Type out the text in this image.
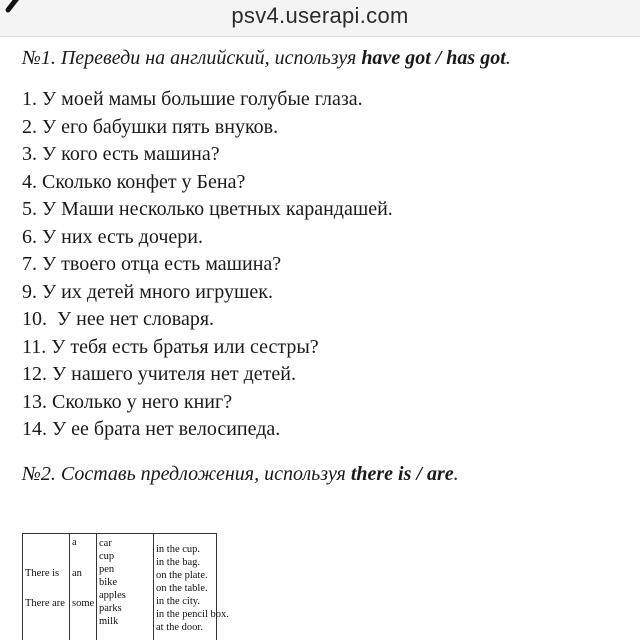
psv4.userapi.com

№1. Переведи на английский, используя have got / has got.

1. У моей мамы большие голубые глаза.
2. У его бабушки пять внуков.
3. У кого есть машина?
4. Сколько конфет у Бена?
5. У Маши несколько цветных карандашей.
6. У них есть дочери.
7. У твоего отца есть машина?
9. У их детей много игрушек.
10.  У нее нет словаря.
11. У тебя есть братья или сестры?
12. У нашего учителя нет детей.
13. Сколько у него книг?
14. У ее брата нет велосипеда.

№2. Составь предложения, используя there is / are.

There is
There are
a
an
some
car
cup
pen
bike
apples
parks
milk
in the cup.
in the bag.
on the plate.
on the table.
in the city.
in the pencil box.
at the door.
